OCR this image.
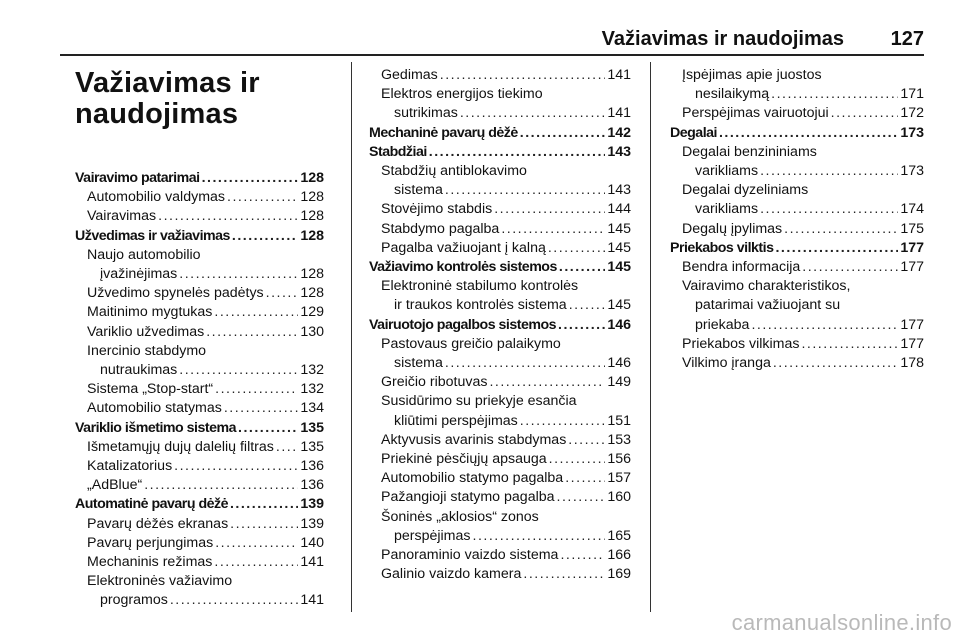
Važiavimas ir naudojimas 127
Važiavimas ir
naudojimas
Vairavimo patarimai .....	128
Automobilio valdymas .....	128
Vairavimas .....	128
Užvedimas ir važiavimas .....	128
Naujo automobilio
įvažinėjimas .....	128
Užvedimo spynelės padėtys .....	128
Maitinimo mygtukas .....	129
Variklio užvedimas .....	130
Inercinio stabdymo
nutraukimas .....	132
Sistema „Stop-start“ .....	132
Automobilio statymas .....	134
Variklio išmetimo sistema .....	135
Išmetamųjų dujų dalelių filtras ..... 135
Katalizatorius .....	136
„AdBlue“ .....	136
Automatinė pavarų dėžė .....	139
Pavarų dėžės ekranas .....	139
Pavarų perjungimas .....	140
Mechaninis režimas .....	141
Elektroninės važiavimo
programos .....	141
Gedimas .....	141
Elektros energijos tiekimo
sutrikimas .....	141
Mechaninė pavarų dėžė .....	142
Stabdžiai .....	143
Stabdžių antiblokavimo
sistema .....	143
Stovėjimo stabdis .....	144
Stabdymo pagalba .....	145
Pagalba važiuojant į kalną .....	145
Važiavimo kontrolės sistemos .....	145
Elektroninė stabilumo kontrolės
ir traukos kontrolės sistema .....	145
Vairuotojo pagalbos sistemos .....	146
Pastovaus greičio palaikymo
sistema .....	146
Greičio ribotuvas .....	149
Susidūrimo su priekyje esančia
kliūtimi perspėjimas .....	151
Aktyvusis avarinis stabdymas .....	153
Priekinė pėsčiųjų apsauga .....	156
Automobilio statymo pagalba .....	157
Pažangioji statymo pagalba .....	160
Šoninės „aklosios“ zonos
perspėjimas .....	165
Panoraminio vaizdo sistema .....	166
Galinio vaizdo kamera .....	169
Įspėjimas apie juostos
nesilaikymą .....	171
Perspėjimas vairuotojui .....	172
Degalai .....	173
Degalai benzininiams
varikliams .....	173
Degalai dyzeliniams
varikliams .....	174
Degalų įpylimas .....	175
Priekabos vilktis .....	177
Bendra informacija .....	177
Vairavimo charakteristikos,
patarimai važiuojant su
priekaba .....	177
Priekabos vilkimas .....	177
Vilkimo įranga .....	178
carmanualsonline.info
